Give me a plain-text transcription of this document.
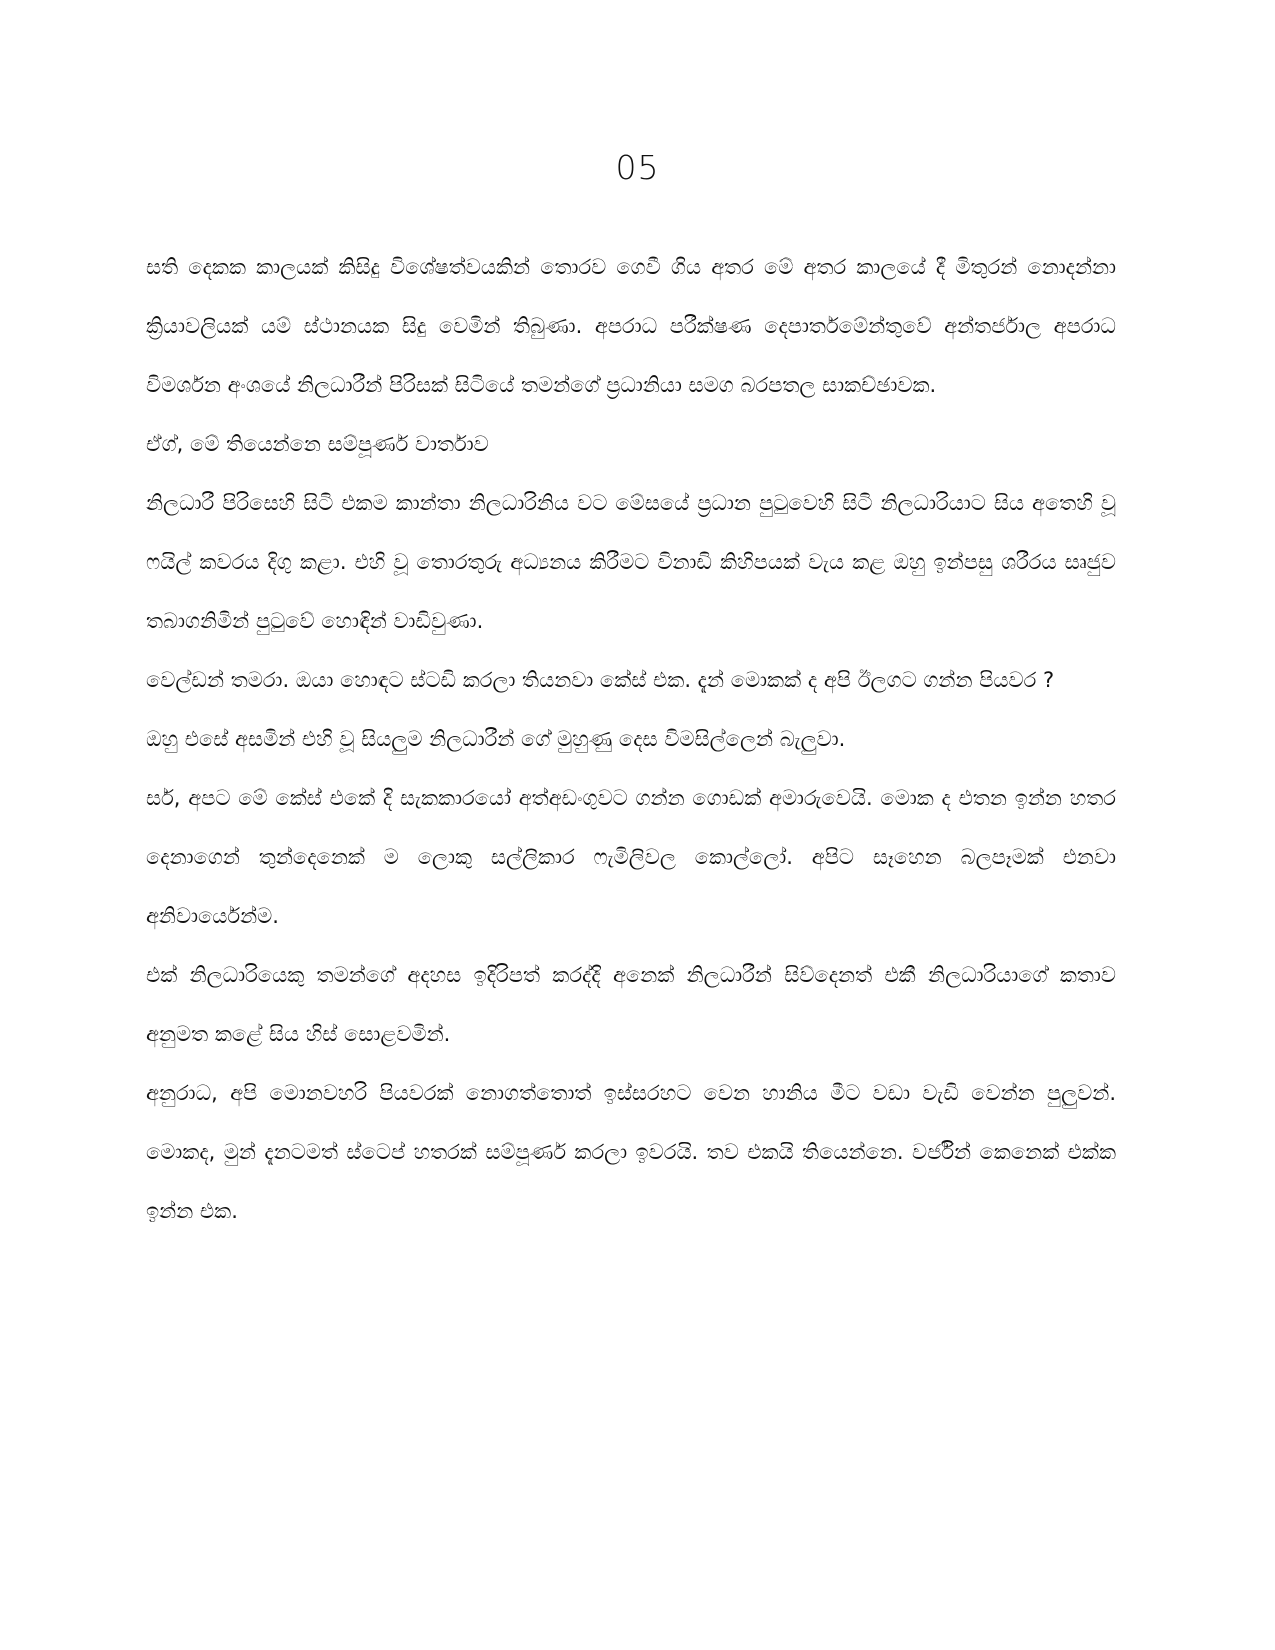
05

සති දෙකක කාලයක් කිසිදු විශේෂත්වයකින් තොරව ගෙවී ගිය අතර මේ අතර කාලයේ දී මිතුරන් නොදන්නා ක්‍රියාවලියක් යම් ස්ථානයක සිදු වෙමින් තිබුණා. අපරාධ පරීක්ෂණ දෙපාර්තමේන්තුවේ අන්තර්ජාල අපරාධ විමර්ශන අංශයේ නිලධාරීන් පිරිසක් සිටියේ තමන්ගේ ප්‍රධානියා සමග බරපතල සාකච්ඡාවක.

ඒග්, මේ තියෙන්නෙ සම්පූර්ණ වාර්තාව

නිලධාරී පිරිසෙහි සිටි එකම කාන්තා නිලධාරිනිය වට මේසයේ ප්‍රධාන පුටුවෙහි සිටි නිලධාරියාට සිය අතෙහි වූ ෆයිල් කවරය දිගු කළා. එහි වූ තොරතුරු අධ්‍යනය කිරීමට විනාඩි කිහිපයක් වැය කළ ඔහු ඉන්පසු ශරීරය සෘජුව තබාගනිමින් පුටුවේ හොඳින් වාඩිවුණා.

වෙල්ඩන් තමරා. ඔයා හොඳට ස්ටඩි කරලා තියනවා කේස් එක. දැන් මොකක් ද අපි ඊලගට ගන්න පියවර ?

ඔහු එසේ අසමින් එහි වූ සියලුම නිලධාරීන් ගේ මුහුණු දෙස විමසිල්ලෙන් බැලුවා.

සර්, අපට මේ කේස් එකේ දි සැකකාරයෝ අත්අඩංගුවට ගන්න ගොඩක් අමාරුවෙයි. මොක ද එතන ඉන්න හතර දෙනාගෙන් තුන්දෙනෙක් ම ලොකු සල්ලිකාර ෆැමිලිවල කොල්ලෝ. අපිට සෑහෙන බලපෑමක් එනවා අනිවාර්යෙන්ම.

එක් නිලධාරියෙකු තමන්ගේ අදහස ඉදිරිපත් කරද්දි අනෙක් නිලධාරීන් සිව්දෙනත් එකී නිලධාරියාගේ කතාව අනුමත කළේ සිය හිස් සොළවමින්.

අනුරාධ, අපි මොනවහරි පියවරක් නොගත්තොත් ඉස්සරහට වෙන හානිය මීට වඩා වැඩි වෙන්න පුලුවන්. මොකද, මුන් දැනටමත් ස්ටෙප් හතරක් සම්පූර්ණ කරලා ඉවරයි. තව එකයි තියෙන්නෙ. වර්ජින් කෙනෙක් එක්ක ඉන්න එක.
